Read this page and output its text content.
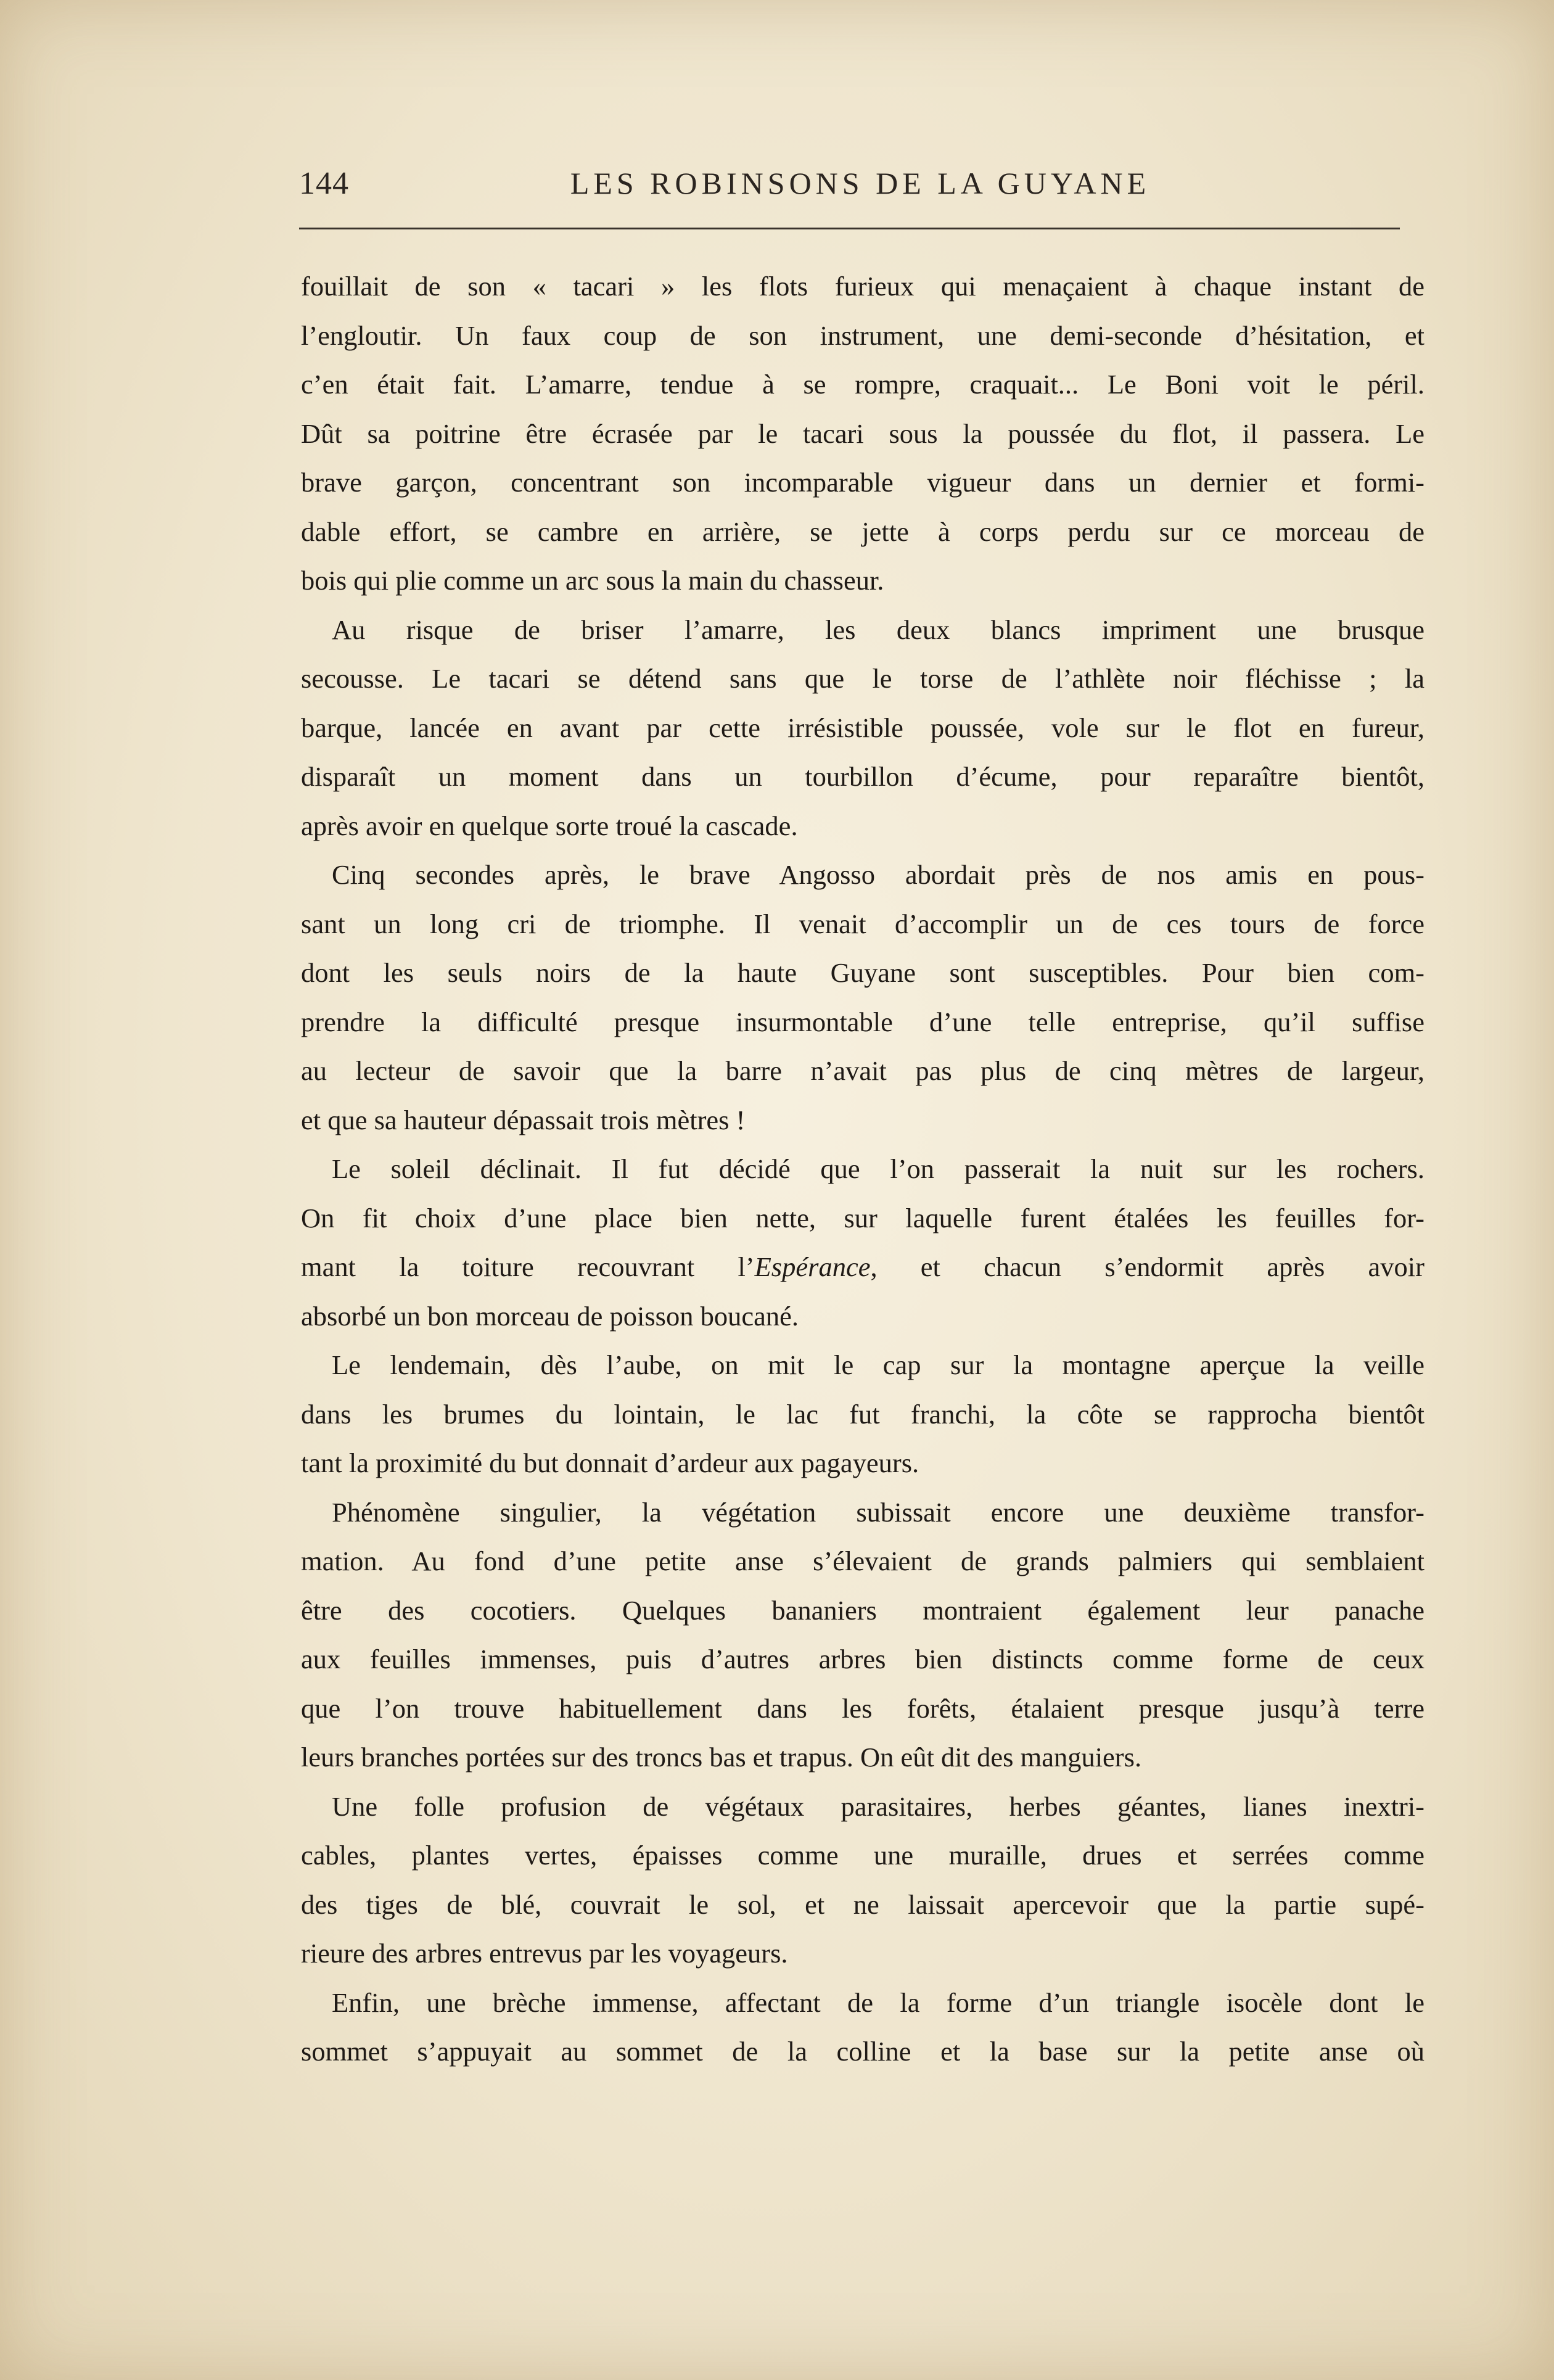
144	LES ROBINSONS DE LA GUYANE
fouillait de son « tacari » les flots furieux qui menaçaient à chaque instant de
l’engloutir. Un faux coup de son instrument, une demi-seconde d’hésitation, et
c’en était fait. L’amarre, tendue à se rompre, craquait... Le Boni voit le péril.
Dût sa poitrine être écrasée par le tacari sous la poussée du flot, il passera. Le
brave garçon, concentrant son incomparable vigueur dans un dernier et formi-
dable effort, se cambre en arrière, se jette à corps perdu sur ce morceau de
bois qui plie comme un arc sous la main du chasseur.
Au risque de briser l’amarre, les deux blancs impriment une brusque
secousse. Le tacari se détend sans que le torse de l’athlète noir fléchisse ; la
barque, lancée en avant par cette irrésistible poussée, vole sur le flot en fureur,
disparaît un moment dans un tourbillon d’écume, pour reparaître bientôt,
après avoir en quelque sorte troué la cascade.
Cinq secondes après, le brave Angosso abordait près de nos amis en pous-
sant un long cri de triomphe. Il venait d’accomplir un de ces tours de force
dont les seuls noirs de la haute Guyane sont susceptibles. Pour bien com-
prendre la difficulté presque insurmontable d’une telle entreprise, qu’il suffise
au lecteur de savoir que la barre n’avait pas plus de cinq mètres de largeur,
et que sa hauteur dépassait trois mètres !
Le soleil déclinait. Il fut décidé que l’on passerait la nuit sur les rochers.
On fit choix d’une place bien nette, sur laquelle furent étalées les feuilles for-
mant la toiture recouvrant l’Espérance, et chacun s’endormit après avoir
absorbé un bon morceau de poisson boucané.
Le lendemain, dès l’aube, on mit le cap sur la montagne aperçue la veille
dans les brumes du lointain, le lac fut franchi, la côte se rapprocha bientôt
tant la proximité du but donnait d’ardeur aux pagayeurs.
Phénomène singulier, la végétation subissait encore une deuxième transfor-
mation. Au fond d’une petite anse s’élevaient de grands palmiers qui semblaient
être des cocotiers. Quelques bananiers montraient également leur panache
aux feuilles immenses, puis d’autres arbres bien distincts comme forme de ceux
que l’on trouve habituellement dans les forêts, étalaient presque jusqu’à terre
leurs branches portées sur des troncs bas et trapus. On eût dit des manguiers.
Une folle profusion de végétaux parasitaires, herbes géantes, lianes inextri-
cables, plantes vertes, épaisses comme une muraille, drues et serrées comme
des tiges de blé, couvrait le sol, et ne laissait apercevoir que la partie supé-
rieure des arbres entrevus par les voyageurs.
Enfin, une brèche immense, affectant de la forme d’un triangle isocèle dont le
sommet s’appuyait au sommet de la colline et la base sur la petite anse où
